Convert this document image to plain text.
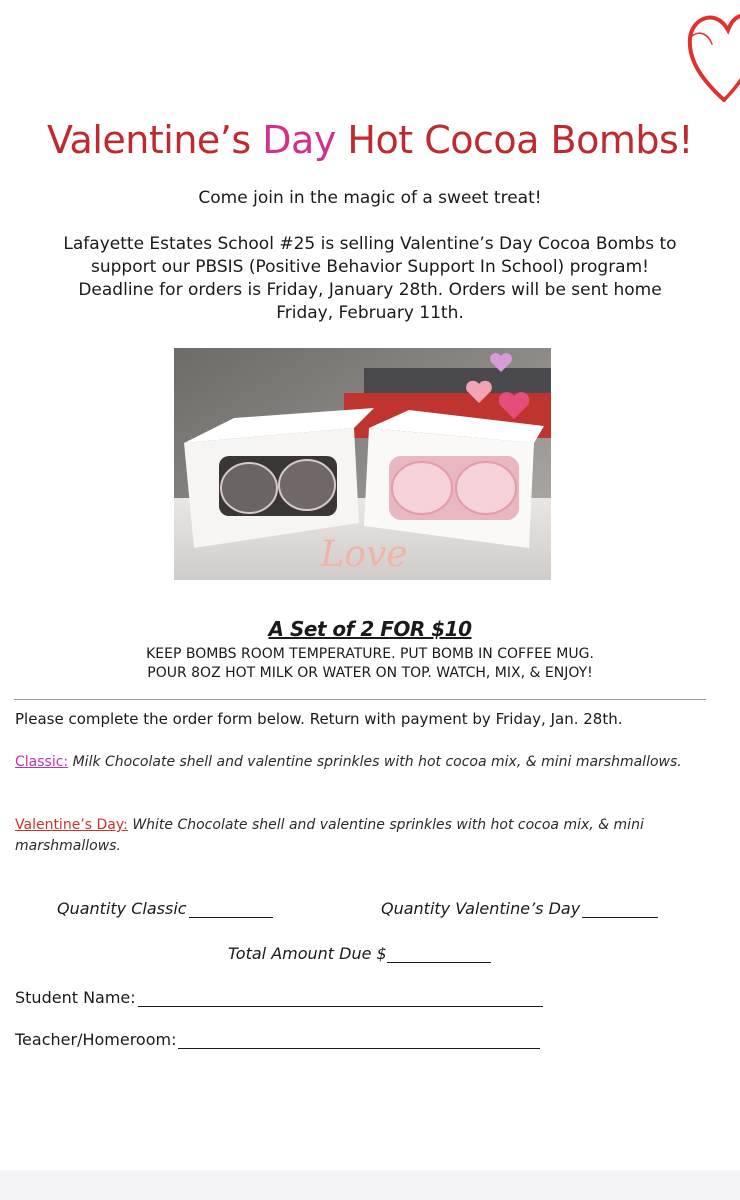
Valentine’s Day Hot Cocoa Bombs!
Come join in the magic of a sweet treat!
Lafayette Estates School #25 is selling Valentine’s Day Cocoa Bombs to
support our PBSIS (Positive Behavior Support In School) program!
Deadline for orders is Friday, January 28th. Orders will be sent home
Friday, February 11th.
Love
A Set of 2 FOR $10
KEEP BOMBS ROOM TEMPERATURE. PUT BOMB IN COFFEE MUG.
POUR 8OZ HOT MILK OR WATER ON TOP. WATCH, MIX, & ENJOY!
Please complete the order form below. Return with payment by Friday, Jan. 28th.
Classic: Milk Chocolate shell and valentine sprinkles with hot cocoa mix, & mini marshmallows.
Valentine’s Day: White Chocolate shell and valentine sprinkles with hot cocoa mix, & mini marshmallows.
Quantity Classic	Quantity Valentine’s Day
Total Amount Due $
Student Name:
Teacher/Homeroom:
